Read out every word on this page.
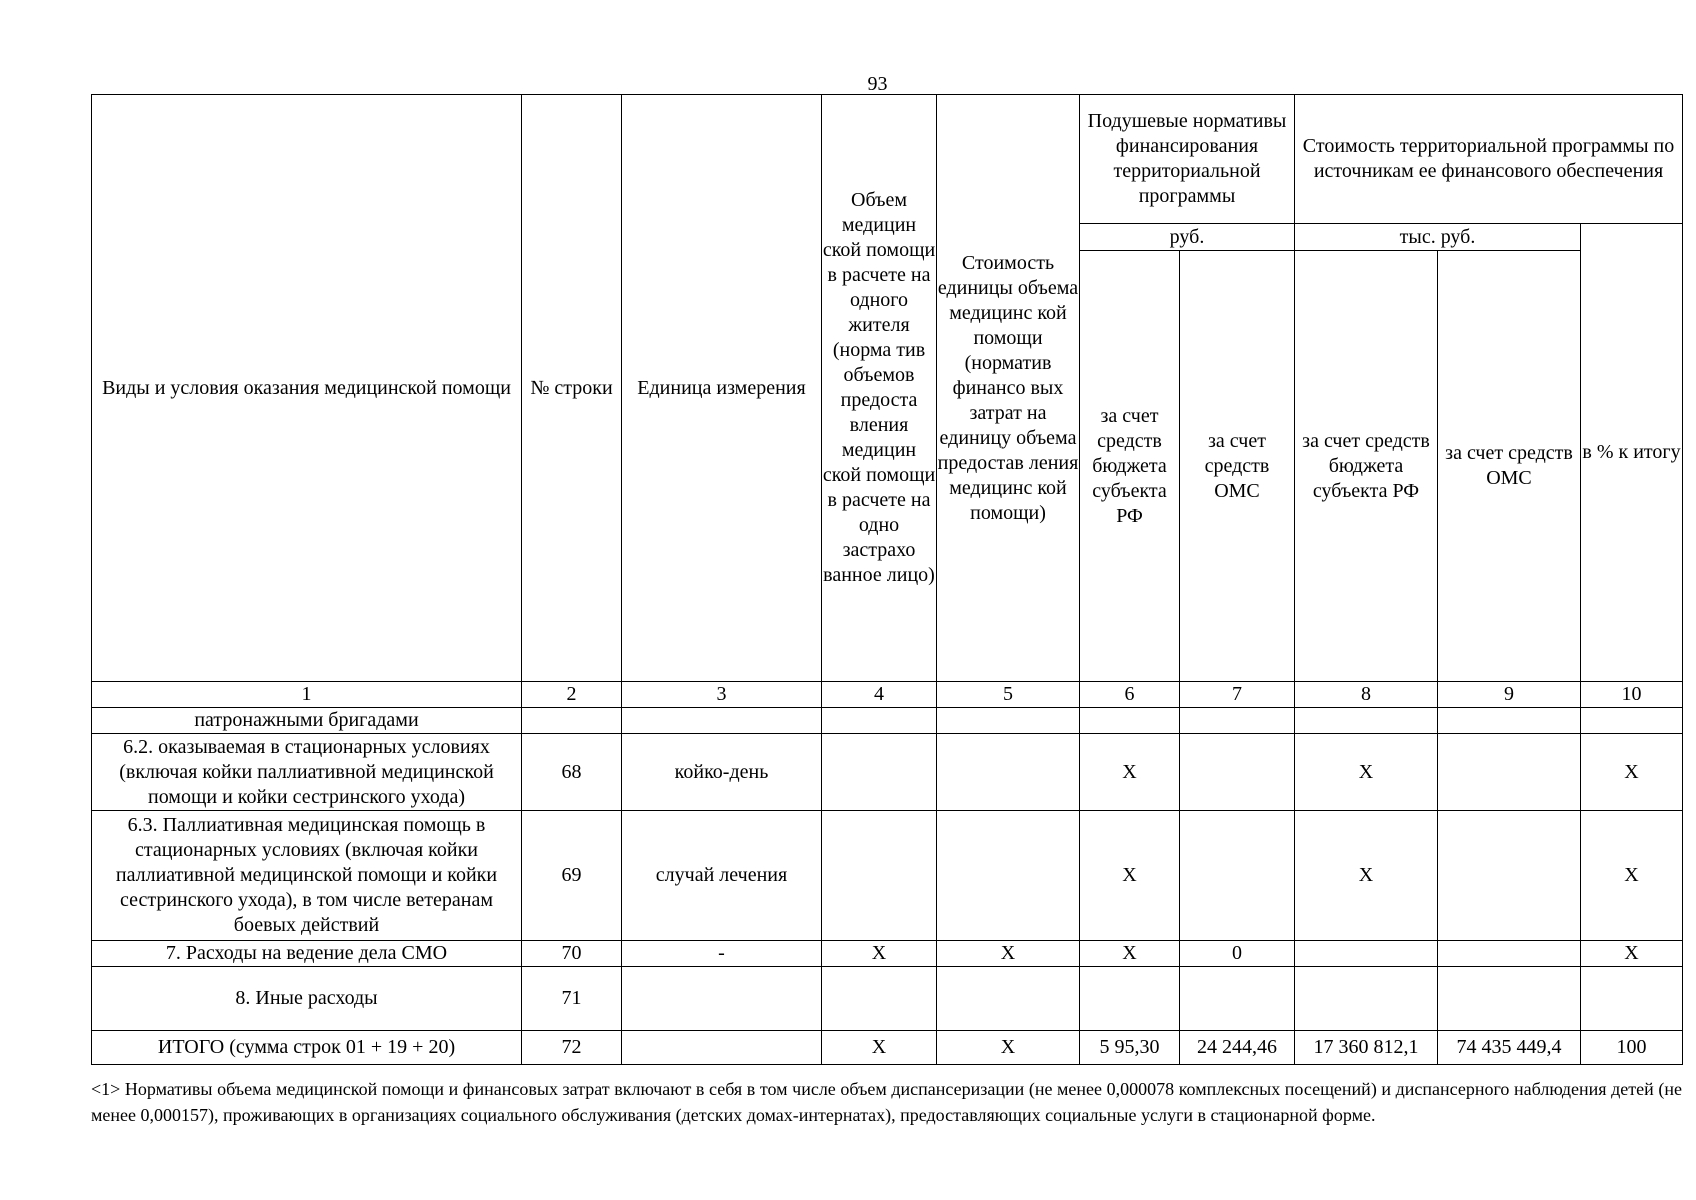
93
Виды и условия оказания медицинской помощи	№ строки	Единица измерения	Объем медицин ской помощи в расчете на одного жителя (норма тив объемов предоста вления медицин ской помощи в расчете на одно застрахо ванное лицо)	Стоимость единицы объема медицинс кой помощи (норматив финансо вых затрат на единицу объема предостав ления медицинс кой помощи)	Подушевые нормативы финансирования территориальной программы		Стоимость территориальной программы по источникам ее финансового обеспечения		
					руб.		тыс. руб.		в % к итогу
					за счет средств бюджета субъекта РФ	за счет средств ОМС	за счет средств бюджета субъекта РФ	за счет средств ОМС	
1	2	3	4	5	6	7	8	9	10
патронажными бригадами									
6.2. оказываемая в стационарных условиях (включая койки паллиативной медицинской помощи и койки сестринского ухода)	68	койко-день			X		X		X
6.3. Паллиативная медицинская помощь в стационарных условиях (включая койки паллиативной медицинской помощи и койки сестринского ухода), в том числе ветеранам боевых действий	69	случай лечения			X		X		X
7. Расходы на ведение дела СМО	70	-	X	X	X	0			X
8. Иные расходы	71								
ИТОГО (сумма строк 01 + 19 + 20)	72		X	X	5 95,30	24 244,46	17 360 812,1	74 435 449,4	100
<1> Нормативы объема медицинской помощи и финансовых затрат включают в себя в том числе объем диспансеризации (не менее 0,000078 комплексных посещений) и диспансерного наблюдения детей (не менее 0,000157), проживающих в организациях социального обслуживания (детских домах-интернатах), предоставляющих социальные услуги в стационарной форме.
